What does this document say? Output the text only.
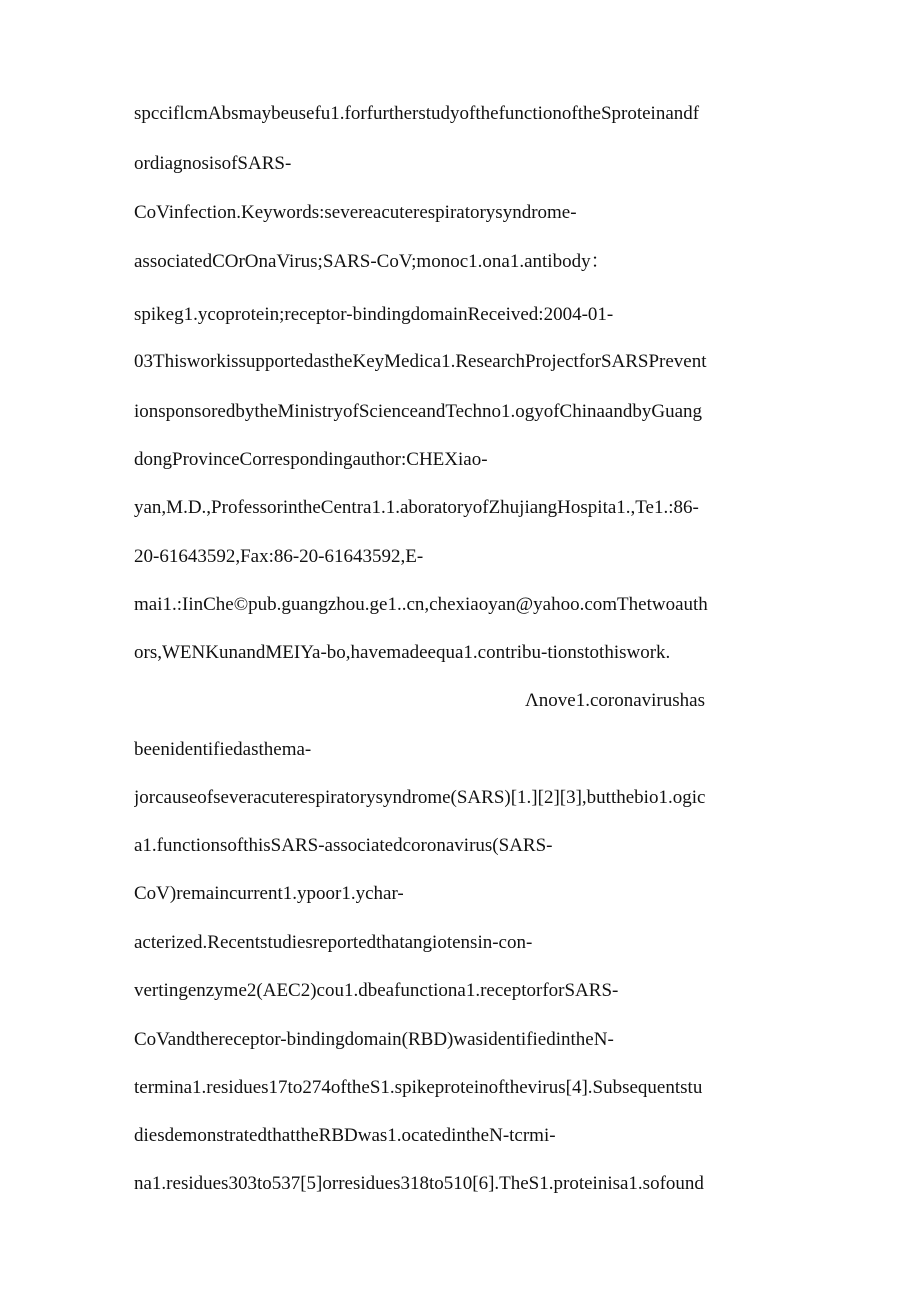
spcciflcmAbsmaybeusefu1.forfurtherstudyofthefunctionoftheSproteinandf
ordiagnosisofSARS-
CoVinfection.Keywords:severeacuterespiratorysyndrome-
associatedCOrOnaVirus;SARS-CoV;monoc1.ona1.antibody：
spikeg1.ycoprotein;receptor-bindingdomainReceived:2004-01-
03ThisworkissupportedastheKeyMedica1.ResearchProjectforSARSPrevent
ionsponsoredbytheMinistryofScienceandTechno1.ogyofChinaandbyGuang
dongProvinceCorrespondingauthor:CHEXiao-
yan,M.D.,ProfessorintheCentra1.1.aboratoryofZhujiangHospita1.,Te1.:86-
20-61643592,Fax:86-20-61643592,E-
mai1.:IinChe©pub.guangzhou.ge1..cn,chexiaoyan@yahoo.comThetwoauth
ors,WENKunandMEIYa-bo,havemadeequa1.contribu-tionstothiswork.
Λnove1.coronavirushas
beenidentifiedasthema-
jorcauseofseveracuterespiratorysyndrome(SARS)[1.][2][3],butthebio1.ogic
a1.functionsofthisSARS-associatedcoronavirus(SARS-
CoV)remaincurrent1.ypoor1.ychar-
acterized.Recentstudiesreportedthatangiotensin-con-
vertingenzyme2(AEC2)cou1.dbeafunctiona1.receptorforSARS-
CoVandthereceptor-bindingdomain(RBD)wasidentifiedintheN-
termina1.residues17to274oftheS1.spikeproteinofthevirus[4].Subsequentstu
diesdemonstratedthattheRBDwas1.ocatedintheN-tcrmi-
na1.residues303to537[5]orresidues318to510[6].TheS1.proteinisa1.sofound
